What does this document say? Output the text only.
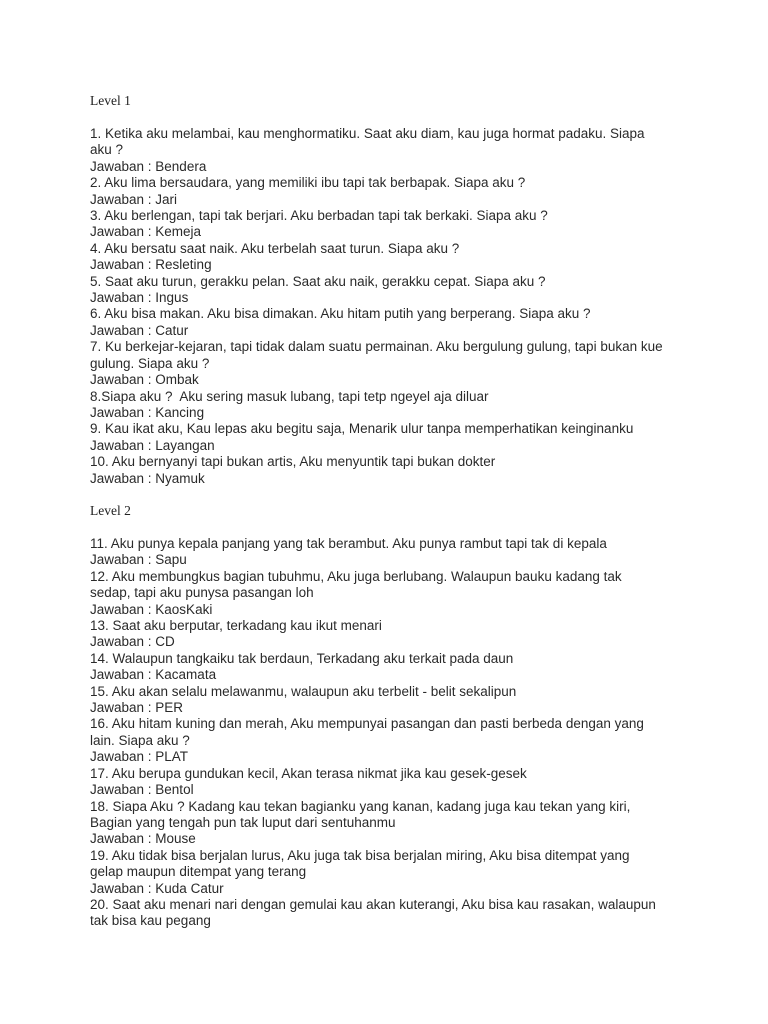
Level 1

1. Ketika aku melambai, kau menghormatiku. Saat aku diam, kau juga hormat padaku. Siapa

aku ?

Jawaban : Bendera

2. Aku lima bersaudara, yang memiliki ibu tapi tak berbapak. Siapa aku ?

Jawaban : Jari

3. Aku berlengan, tapi tak berjari. Aku berbadan tapi tak berkaki. Siapa aku ?

Jawaban : Kemeja

4. Aku bersatu saat naik. Aku terbelah saat turun. Siapa aku ?

Jawaban : Resleting

5. Saat aku turun, gerakku pelan. Saat aku naik, gerakku cepat. Siapa aku ?

Jawaban : Ingus

6. Aku bisa makan. Aku bisa dimakan. Aku hitam putih yang berperang. Siapa aku ?

Jawaban : Catur

7. Ku berkejar-kejaran, tapi tidak dalam suatu permainan. Aku bergulung gulung, tapi bukan kue

gulung. Siapa aku ?

Jawaban : Ombak

8.Siapa aku ?  Aku sering masuk lubang, tapi tetp ngeyel aja diluar

Jawaban : Kancing

9. Kau ikat aku, Kau lepas aku begitu saja, Menarik ulur tanpa memperhatikan keinginanku

Jawaban : Layangan

10. Aku bernyanyi tapi bukan artis, Aku menyuntik tapi bukan dokter

Jawaban : Nyamuk

Level 2

11. Aku punya kepala panjang yang tak berambut. Aku punya rambut tapi tak di kepala

Jawaban : Sapu

12. Aku membungkus bagian tubuhmu, Aku juga berlubang. Walaupun bauku kadang tak

sedap, tapi aku punysa pasangan loh

Jawaban : KaosKaki

13. Saat aku berputar, terkadang kau ikut menari

Jawaban : CD

14. Walaupun tangkaiku tak berdaun, Terkadang aku terkait pada daun

Jawaban : Kacamata

15. Aku akan selalu melawanmu, walaupun aku terbelit - belit sekalipun

Jawaban : PER

16. Aku hitam kuning dan merah, Aku mempunyai pasangan dan pasti berbeda dengan yang

lain. Siapa aku ?

Jawaban : PLAT

17. Aku berupa gundukan kecil, Akan terasa nikmat jika kau gesek-gesek

Jawaban : Bentol

18. Siapa Aku ? Kadang kau tekan bagianku yang kanan, kadang juga kau tekan yang kiri,

Bagian yang tengah pun tak luput dari sentuhanmu

Jawaban : Mouse

19. Aku tidak bisa berjalan lurus, Aku juga tak bisa berjalan miring, Aku bisa ditempat yang

gelap maupun ditempat yang terang

Jawaban : Kuda Catur

20. Saat aku menari nari dengan gemulai kau akan kuterangi, Aku bisa kau rasakan, walaupun

tak bisa kau pegang
